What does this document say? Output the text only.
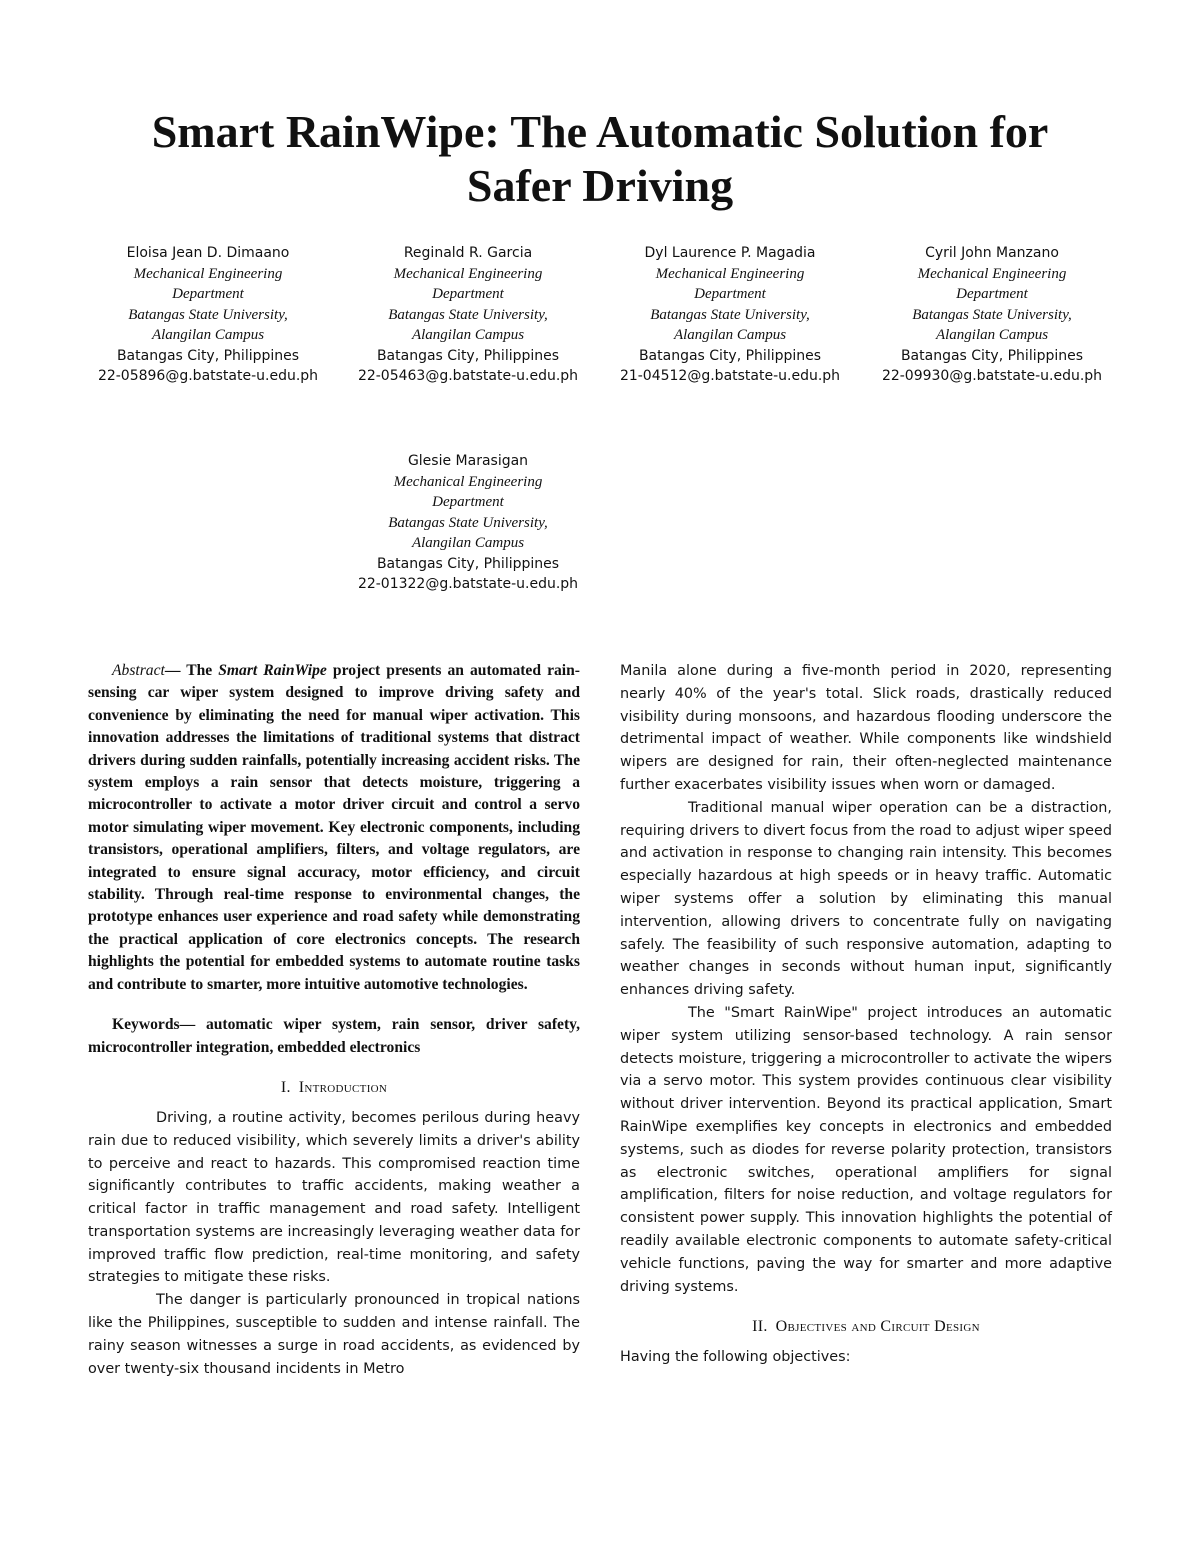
Smart RainWipe: The Automatic Solution for
Safer Driving
Eloisa Jean D. Dimaano
Mechanical Engineering
Department
Batangas State University,
Alangilan Campus
Batangas City, Philippines
22-05896@g.batstate-u.edu.ph
Reginald R. Garcia
Mechanical Engineering
Department
Batangas State University,
Alangilan Campus
Batangas City, Philippines
22-05463@g.batstate-u.edu.ph
Dyl Laurence P. Magadia
Mechanical Engineering
Department
Batangas State University,
Alangilan Campus
Batangas City, Philippines
21-04512@g.batstate-u.edu.ph
Cyril John Manzano
Mechanical Engineering
Department
Batangas State University,
Alangilan Campus
Batangas City, Philippines
22-09930@g.batstate-u.edu.ph
Glesie Marasigan
Mechanical Engineering
Department
Batangas State University,
Alangilan Campus
Batangas City, Philippines
22-01322@g.batstate-u.edu.ph

Abstract— The Smart RainWipe project presents an automated rain-sensing car wiper system designed to improve driving safety and convenience by eliminating the need for manual wiper activation. This innovation addresses the limitations of traditional systems that distract drivers during sudden rainfalls, potentially increasing accident risks. The system employs a rain sensor that detects moisture, triggering a microcontroller to activate a motor driver circuit and control a servo motor simulating wiper movement. Key electronic components, including transistors, operational amplifiers, filters, and voltage regulators, are integrated to ensure signal accuracy, motor efficiency, and circuit stability. Through real-time response to environmental changes, the prototype enhances user experience and road safety while demonstrating the practical application of core electronics concepts. The research highlights the potential for embedded systems to automate routine tasks and contribute to smarter, more intuitive automotive technologies.

Keywords— automatic wiper system, rain sensor, driver safety, microcontroller integration, embedded electronics

I. Introduction

Driving, a routine activity, becomes perilous during heavy rain due to reduced visibility, which severely limits a driver's ability to perceive and react to hazards. This compromised reaction time significantly contributes to traffic accidents, making weather a critical factor in traffic management and road safety. Intelligent transportation systems are increasingly leveraging weather data for improved traffic flow prediction, real-time monitoring, and safety strategies to mitigate these risks.

The danger is particularly pronounced in tropical nations like the Philippines, susceptible to sudden and intense rainfall. The rainy season witnesses a surge in road accidents, as evidenced by over twenty-six thousand incidents in Metro

Manila alone during a five-month period in 2020, representing nearly 40% of the year's total. Slick roads, drastically reduced visibility during monsoons, and hazardous flooding underscore the detrimental impact of weather. While components like windshield wipers are designed for rain, their often-neglected maintenance further exacerbates visibility issues when worn or damaged.

Traditional manual wiper operation can be a distraction, requiring drivers to divert focus from the road to adjust wiper speed and activation in response to changing rain intensity. This becomes especially hazardous at high speeds or in heavy traffic. Automatic wiper systems offer a solution by eliminating this manual intervention, allowing drivers to concentrate fully on navigating safely. The feasibility of such responsive automation, adapting to weather changes in seconds without human input, significantly enhances driving safety.

The "Smart RainWipe" project introduces an automatic wiper system utilizing sensor-based technology. A rain sensor detects moisture, triggering a microcontroller to activate the wipers via a servo motor. This system provides continuous clear visibility without driver intervention. Beyond its practical application, Smart RainWipe exemplifies key concepts in electronics and embedded systems, such as diodes for reverse polarity protection, transistors as electronic switches, operational amplifiers for signal amplification, filters for noise reduction, and voltage regulators for consistent power supply. This innovation highlights the potential of readily available electronic components to automate safety-critical vehicle functions, paving the way for smarter and more adaptive driving systems.

II. Objectives and Circuit Design

Having the following objectives:
